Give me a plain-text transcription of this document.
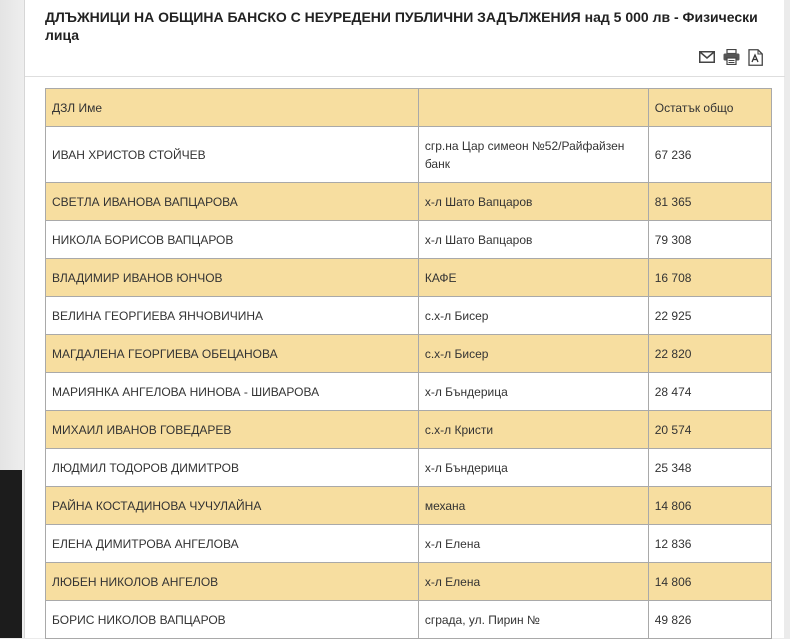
ДЛЪЖНИЦИ НА ОБЩИНА БАНСКО С НЕУРЕДЕНИ ПУБЛИЧНИ ЗАДЪЛЖЕНИЯ над 5 000 лв - Физически лица
ДЗЛ Име		Остатък общо
ИВАН ХРИСТОВ СТОЙЧЕВ	сгр.на Цар симеон №52/Райфайзен банк	67 236
СВЕТЛА ИВАНОВА ВАПЦАРОВА	х-л Шато Вапцаров	81 365
НИКОЛА БОРИСОВ ВАПЦАРОВ	х-л Шато Вапцаров	79 308
ВЛАДИМИР ИВАНОВ ЮНЧОВ	КАФЕ	16 708
ВЕЛИНА ГЕОРГИЕВА ЯНЧОВИЧИНА	с.х-л Бисер	22 925
МАГДАЛЕНА ГЕОРГИЕВА ОБЕЦАНОВА	с.х-л Бисер	22 820
МАРИЯНКА АНГЕЛОВА НИНОВА - ШИВАРОВА	х-л Бъндерица	28 474
МИХАИЛ ИВАНОВ ГОВЕДАРЕВ	с.х-л Кристи	20 574
ЛЮДМИЛ ТОДОРОВ ДИМИТРОВ	х-л Бъндерица	25 348
РАЙНА КОСТАДИНОВА ЧУЧУЛАЙНА	механа	14 806
ЕЛЕНА ДИМИТРОВА АНГЕЛОВА	х-л Елена	12 836
ЛЮБЕН НИКОЛОВ АНГЕЛОВ	х-л Елена	14 806
БОРИС НИКОЛОВ ВАПЦАРОВ	сграда, ул. Пирин №	49 826
